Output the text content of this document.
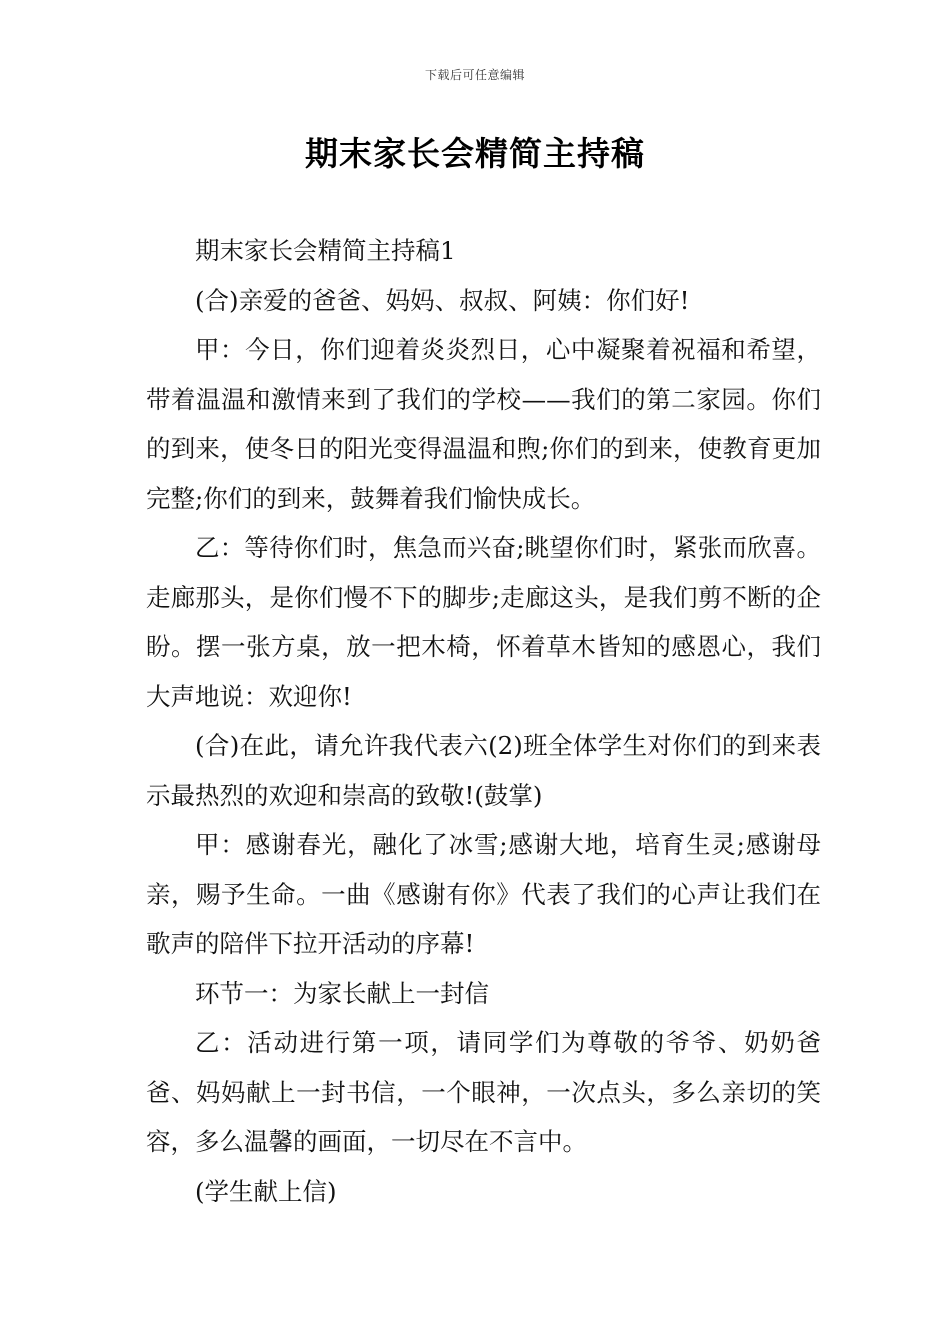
下载后可任意编辑
期末家长会精简主持稿

期末家长会精简主持稿1

(合)亲爱的爸爸、妈妈、叔叔、阿姨：你们好!

甲：今日，你们迎着炎炎烈日，心中凝聚着祝福和希望，带着温温和激情来到了我们的学校——我们的第二家园。你们的到来，使冬日的阳光变得温温和煦;你们的到来，使教育更加完整;你们的到来，鼓舞着我们愉快成长。

乙：等待你们时，焦急而兴奋;眺望你们时，紧张而欣喜。走廊那头，是你们慢不下的脚步;走廊这头，是我们剪不断的企盼。摆一张方桌，放一把木椅，怀着草木皆知的感恩心，我们大声地说：欢迎你!

(合)在此，请允许我代表六(2)班全体学生对你们的到来表示最热烈的欢迎和崇高的致敬!(鼓掌)

甲：感谢春光，融化了冰雪;感谢大地，培育生灵;感谢母亲，赐予生命。一曲《感谢有你》代表了我们的心声让我们在歌声的陪伴下拉开活动的序幕!

环节一：为家长献上一封信

乙：活动进行第一项，请同学们为尊敬的爷爷、奶奶爸爸、妈妈献上一封书信，一个眼神，一次点头，多么亲切的笑容，多么温馨的画面，一切尽在不言中。

(学生献上信)
